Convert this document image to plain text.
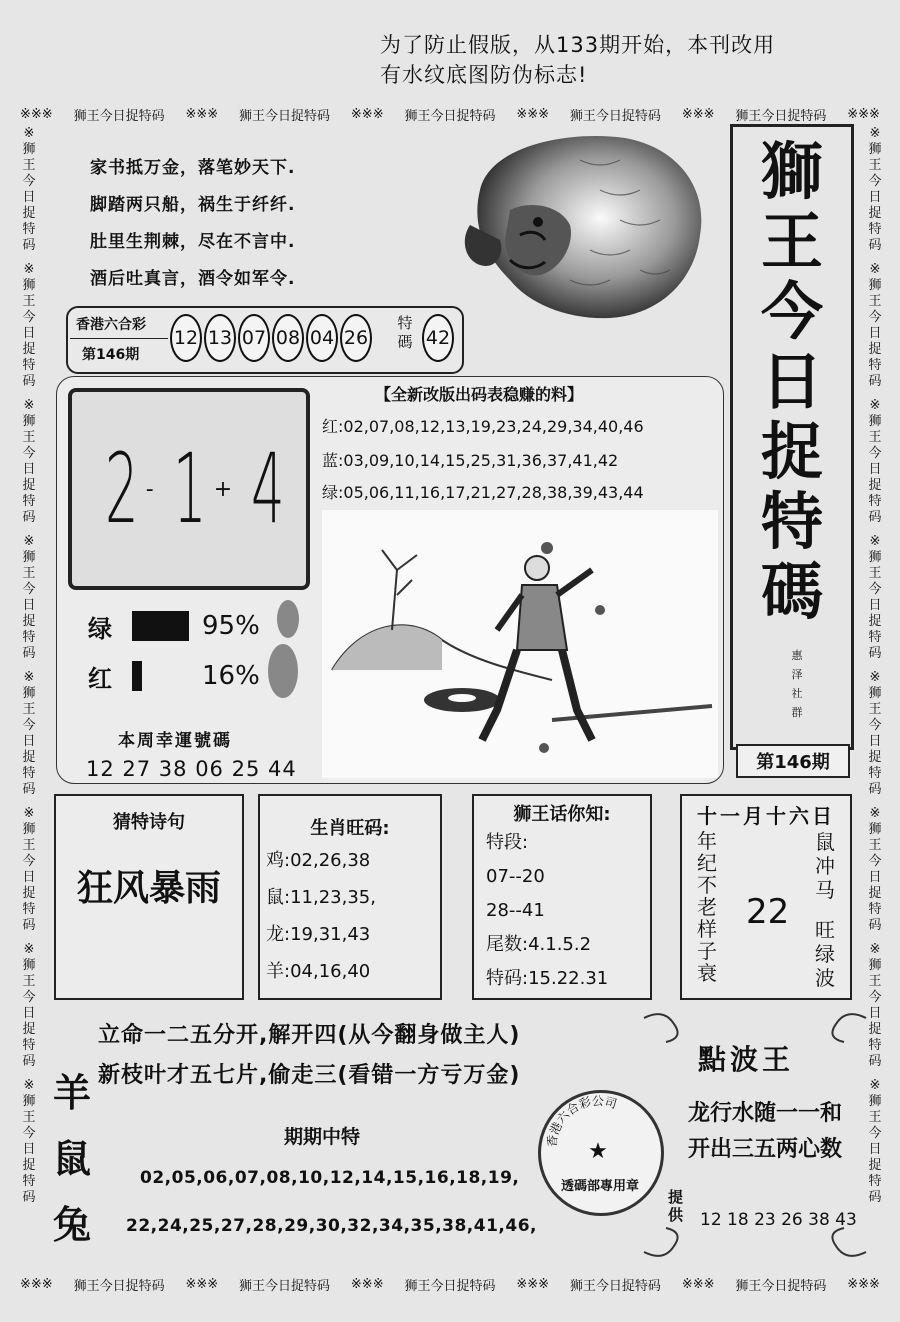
为了防止假版，从133期开始，本刊改用
有水纹底图防伪标志!
※※※ 狮王今日捉特码 ※※※ 狮王今日捉特码 ※※※ 狮王今日捉特码 ※※※ 狮王今日捉特码 ※※※ 狮王今日捉特码 ※※※
※※※ 狮王今日捉特码 ※※※ 狮王今日捉特码 ※※※ 狮王今日捉特码 ※※※ 狮王今日捉特码 ※※※ 狮王今日捉特码 ※※※
※
狮
王
今
日
捉
特
码
※
狮
王
今
日
捉
特
码
※
狮
王
今
日
捉
特
码
※
狮
王
今
日
捉
特
码
※
狮
王
今
日
捉
特
码
※
狮
王
今
日
捉
特
码
※
狮
王
今
日
捉
特
码
※
狮
王
今
日
捉
特
码
※
狮
王
今
日
捉
特
码
※
狮
王
今
日
捉
特
码
※
狮
王
今
日
捉
特
码
※
狮
王
今
日
捉
特
码
※
狮
王
今
日
捉
特
码
※
狮
王
今
日
捉
特
码
※
狮
王
今
日
捉
特
码
※
狮
王
今
日
捉
特
码
家书抵万金，落笔妙天下.
脚踏两只船，祸生于纤纤.
肚里生荆棘，尽在不言中.
酒后吐真言，酒令如军令.
香港六合彩
第146期
12 13 07 08 04 26
特
碼 42
2 - 1 + 4
绿	95%
红	16%
本周幸運號碼
12 27 38 06 25 44
【全新改版出码表稳赚的料】
红:02,07,08,12,13,19,23,24,29,34,40,46
蓝:03,09,10,14,15,25,31,36,37,41,42
绿:05,06,11,16,17,21,27,28,38,39,43,44
獅
王
今
日
捉
特
碼
惠
泽
社
群
第146期
猜特诗句
狂风暴雨
生肖旺码:
鸡:02,26,38
鼠:11,23,35,
龙:19,31,43
羊:04,16,40
狮王话你知:
特段:
07--20
28--41
尾数:4.1.5.2
特码:15.22.31
十一月十六日
年
纪
不
老
样
子
衰
22
鼠
冲
马
旺
绿
波
立命一二五分开,解开四(从今翻身做主人)
新枝叶才五七片,偷走三(看错一方亏万金)
羊
鼠
兔
期期中特
02,05,06,07,08,10,12,14,15,16,18,19,
22,24,25,27,28,29,30,32,34,35,38,41,46,
香港六合彩公司
★
透碼部專用章
提
供
點波王
龙行水随一一和
开出三五两心数
12 18 23 26 38 43
